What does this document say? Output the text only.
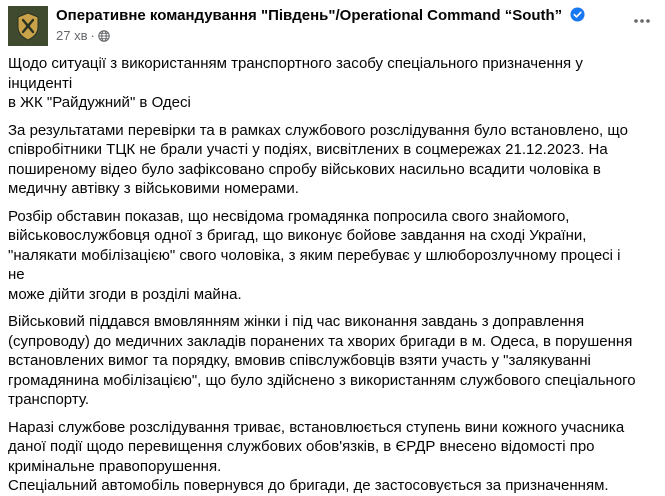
Оперативне командування "Південь"/Operational Command “South”
27 хв ·

Щодо ситуації з використанням транспортного засобу спеціального призначення у інциденті
в ЖК "Райдужний" в Одесі

За результатами перевірки та в рамках службового розслідування було встановлено, що
співробітники ТЦК не брали участі у подіях, висвітлених в соцмережах 21.12.2023. На
поширеному відео було зафіксовано спробу військових насильно всадити чоловіка в
медичну автівку з військовими номерами.

Розбір обставин показав, що несвідома громадянка попросила свого знайомого,
військовослужбовця одної з бригад, що виконує бойове завдання на сході України,
"налякати мобілізацією" свого чоловіка, з яким перебуває у шлюборозлучному процесі і не
може дійти згоди в розділі майна.

Військовий піддався вмовлянням жінки і під час виконання завдань з доправлення
(супроводу) до медичних закладів поранених та хворих бригади в м. Одеса, в порушення
встановлених вимог та порядку, вмовив співслужбовців взяти участь у "залякуванні
громадянина мобілізацією", що було здійснено з використанням службового спеціального
транспорту.

Наразі службове розслідування триває, встановлюється ступень вини кожного учасника
даної події щодо перевищення службових обов'язків, в ЄРДР внесено відомості про
кримінальне правопорушення.

Спеціальний автомобіль повернувся до бригади, де застосовується за призначенням.
